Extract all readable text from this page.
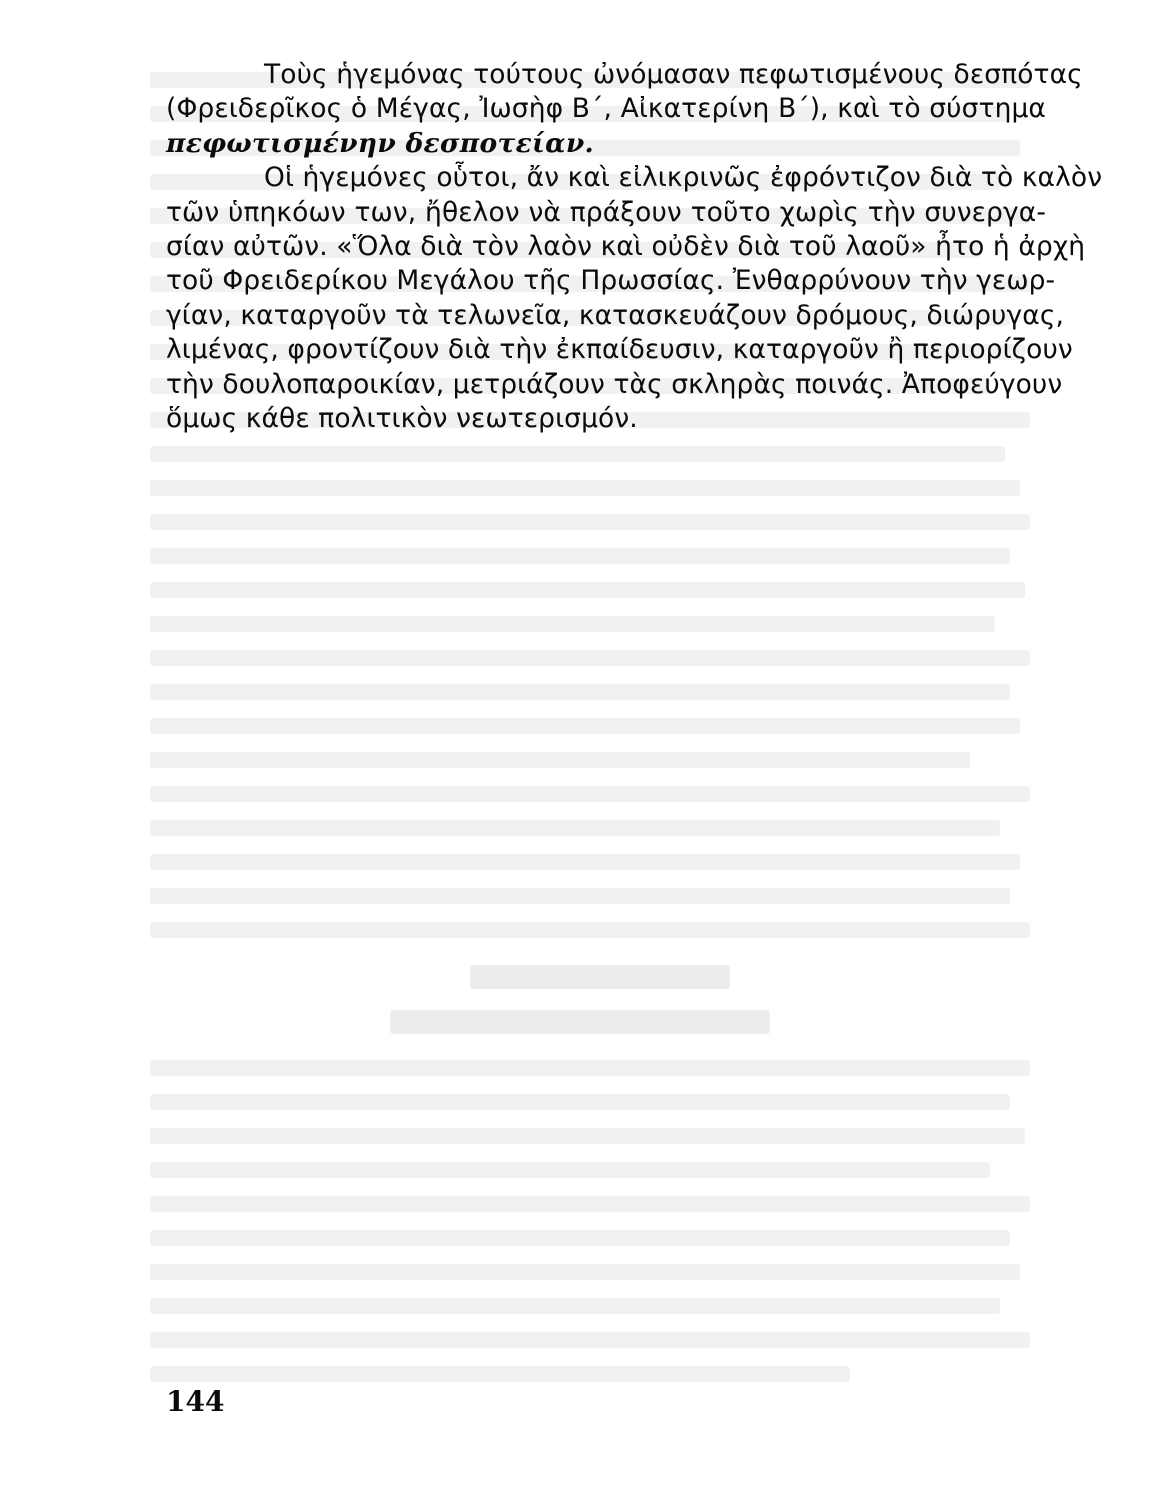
Τοὺς ἡγεμόνας τούτους ὠνόμασαν πεφωτισμένους δεσπότας
(Φρειδερῖκος ὁ Μέγας, Ἰωσὴφ Β΄, Αἰκατερίνη Β΄), καὶ τὸ σύστημα
πεφωτισμένην δεσποτείαν.

Οἱ ἡγεμόνες οὗτοι, ἄν καὶ εἰλικρινῶς ἐφρόντιζον διὰ τὸ καλὸν
τῶν ὑπηκόων των, ἤθελον νὰ πράξουν τοῦτο χωρὶς τὴν συνεργα-
σίαν αὐτῶν. «Ὅλα διὰ τὸν λαὸν καὶ οὐδὲν διὰ τοῦ λαοῦ» ἦτο ἡ ἀρχὴ
τοῦ Φρειδερίκου Μεγάλου τῆς Πρωσσίας. Ἐνθαρρύνουν τὴν γεωρ-
γίαν, καταργοῦν τὰ τελωνεῖα, κατασκευάζουν δρόμους, διώρυγας,
λιμένας, φροντίζουν διὰ τὴν ἐκπαίδευσιν, καταργοῦν ἢ περιορίζουν
τὴν δουλοπαροικίαν, μετριάζουν τὰς σκληρὰς ποινάς. Ἀποφεύγουν
ὅμως κάθε πολιτικὸν νεωτερισμόν.

144
